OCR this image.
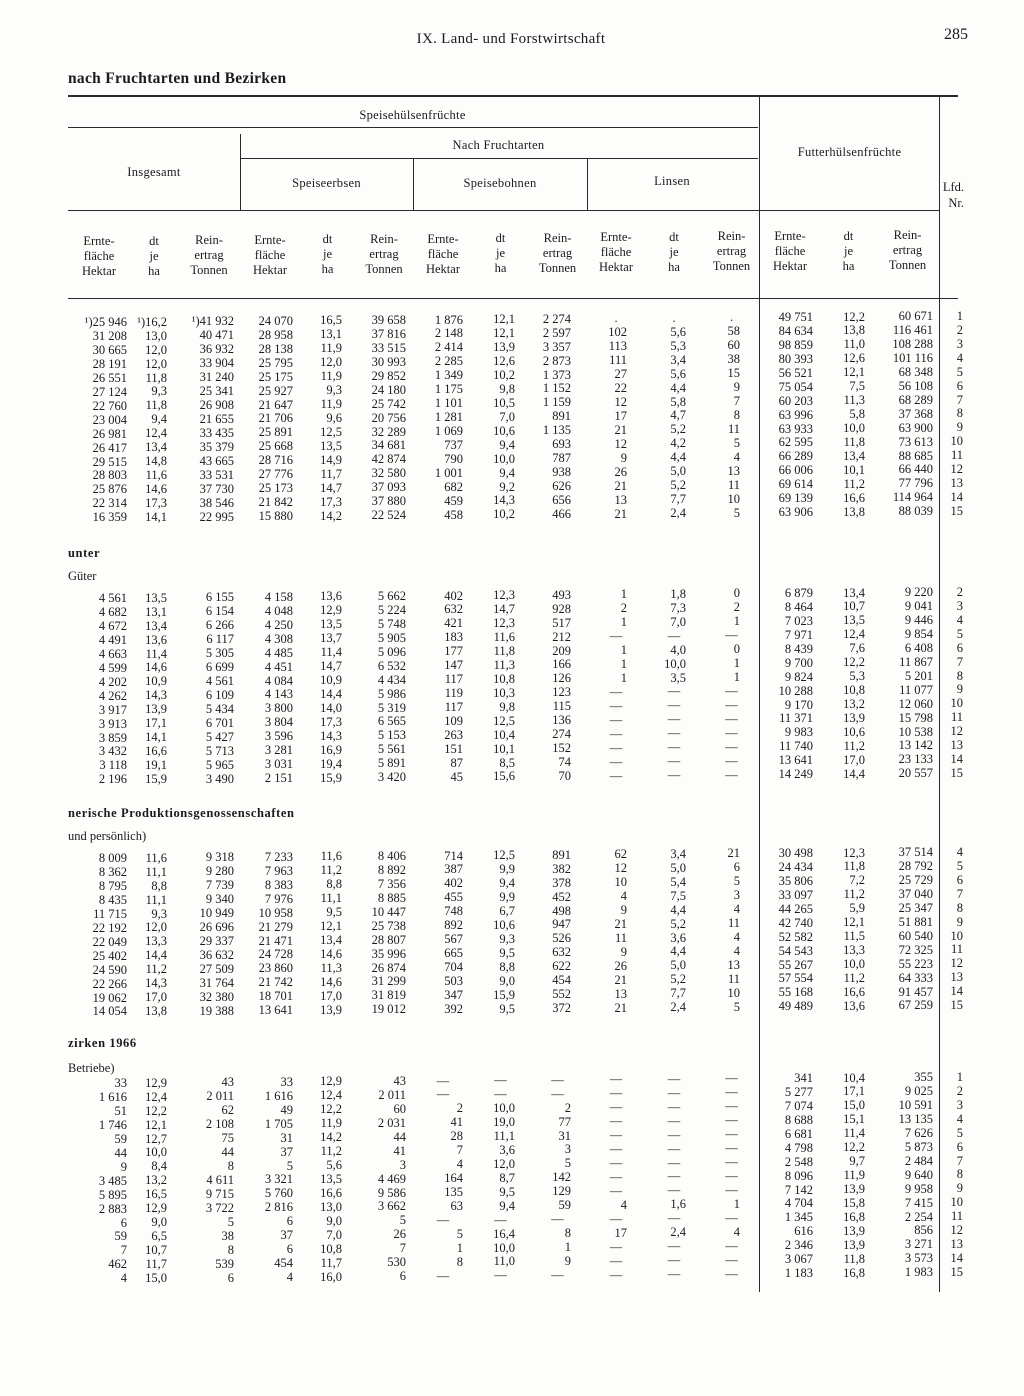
IX. Land- und Forstwirtschaft	285
nach Fruchtarten und Bezirken
Speisehülsenfrüchte
Insgesamt
Nach Fruchtarten
Speiseerbsen	Speisebohnen	Linsen
Futterhülsenfrüchte
Lfd.
Nr.
Ernte-
fläche
Hektar
dt
je
ha
Rein-
ertrag
Tonnen
Ernte-
fläche
Hektar
dt
je
ha
Rein-
ertrag
Tonnen
Ernte-
fläche
Hektar
dt
je
ha
Rein-
ertrag
Tonnen
Ernte-
fläche
Hektar
dt
je
ha
Rein-
ertrag
Tonnen
Ernte-
fläche
Hektar
dt
je
ha
Rein-
ertrag
Tonnen
¹)25 946 ¹)16,2	¹)41 932	24 070	16,5	39 658	1 876	12,1	2 274	.	.	.	49 751	12,2	60 671	1
31 208	13,0	40 471	28 958	13,1	37 816	2 148	12,1	2 597	102	5,6	58	84 634	13,8	116 461	2
30 665	12,0	36 932	28 138	11,9	33 515	2 414	13,9	3 357	113	5,3	60	98 859	11,0	108 288	3
28 191	12,0	33 904	25 795	12,0	30 993	2 285	12,6	2 873	111	3,4	38	80 393	12,6	101 116	4
26 551	11,8	31 240	25 175	11,9	29 852	1 349	10,2	1 373	27	5,6	15	56 521	12,1	68 348	5
27 124	9,3	25 341	25 927	9,3	24 180	1 175	9,8	1 152	22	4,4	9	75 054	7,5	56 108	6
22 760	11,8	26 908	21 647	11,9	25 742	1 101	10,5	1 159	12	5,8	7	60 203	11,3	68 289	7
23 004	9,4	21 655	21 706	9,6	20 756	1 281	7,0	891	17	4,7	8	63 996	5,8	37 368	8
26 981	12,4	33 435	25 891	12,5	32 289	1 069	10,6	1 135	21	5,2	11	63 933	10,0	63 900	9
26 417	13,4	35 379	25 668	13,5	34 681	737	9,4	693	12	4,2	5	62 595	11,8	73 613	10
29 515	14,8	43 665	28 716	14,9	42 874	790	10,0	787	9	4,4	4	66 289	13,4	88 685	11
28 803	11,6	33 531	27 776	11,7	32 580	1 001	9,4	938	26	5,0	13	66 006	10,1	66 440	12
25 876	14,6	37 730	25 173	14,7	37 093	682	9,2	626	21	5,2	11	69 614	11,2	77 796	13
22 314	17,3	38 546	21 842	17,3	37 880	459	14,3	656	13	7,7	10	69 139	16,6	114 964	14
16 359	14,1	22 995	15 880	14,2	22 524	458	10,2	466	21	2,4	5	63 906	13,8	88 039	15
unter
Güter
4 561	13,5	6 155	4 158	13,6	5 662	402	12,3	493	1	1,8	0	6 879	13,4	9 220	2
4 682	13,1	6 154	4 048	12,9	5 224	632	14,7	928	2	7,3	2	8 464	10,7	9 041	3
4 672	13,4	6 266	4 250	13,5	5 748	421	12,3	517	1	7,0	1	7 023	13,5	9 446	4
4 491	13,6	6 117	4 308	13,7	5 905	183	11,6	212	—	—	—	7 971	12,4	9 854	5
4 663	11,4	5 305	4 485	11,4	5 096	177	11,8	209	1	4,0	0	8 439	7,6	6 408	6
4 599	14,6	6 699	4 451	14,7	6 532	147	11,3	166	1	10,0	1	9 700	12,2	11 867	7
4 202	10,9	4 561	4 084	10,9	4 434	117	10,8	126	1	3,5	1	9 824	5,3	5 201	8
4 262	14,3	6 109	4 143	14,4	5 986	119	10,3	123	—	—	—	10 288	10,8	11 077	9
3 917	13,9	5 434	3 800	14,0	5 319	117	9,8	115	—	—	—	9 170	13,2	12 060	10
3 913	17,1	6 701	3 804	17,3	6 565	109	12,5	136	—	—	—	11 371	13,9	15 798	11
3 859	14,1	5 427	3 596	14,3	5 153	263	10,4	274	—	—	—	9 983	10,6	10 538	12
3 432	16,6	5 713	3 281	16,9	5 561	151	10,1	152	—	—	—	11 740	11,2	13 142	13
3 118	19,1	5 965	3 031	19,4	5 891	87	8,5	74	—	—	—	13 641	17,0	23 133	14
2 196	15,9	3 490	2 151	15,9	3 420	45	15,6	70	—	—	—	14 249	14,4	20 557	15
nerische Produktionsgenossenschaften
und persönlich)
8 009	11,6	9 318	7 233	11,6	8 406	714	12,5	891	62	3,4	21	30 498	12,3	37 514	4
8 362	11,1	9 280	7 963	11,2	8 892	387	9,9	382	12	5,0	6	24 434	11,8	28 792	5
8 795	8,8	7 739	8 383	8,8	7 356	402	9,4	378	10	5,4	5	35 806	7,2	25 729	6
8 435	11,1	9 340	7 976	11,1	8 885	455	9,9	452	4	7,5	3	33 097	11,2	37 040	7
11 715	9,3	10 949	10 958	9,5	10 447	748	6,7	498	9	4,4	4	44 265	5,9	25 347	8
22 192	12,0	26 696	21 279	12,1	25 738	892	10,6	947	21	5,2	11	42 740	12,1	51 881	9
22 049	13,3	29 337	21 471	13,4	28 807	567	9,3	526	11	3,6	4	52 582	11,5	60 540	10
25 402	14,4	36 632	24 728	14,6	35 996	665	9,5	632	9	4,4	4	54 543	13,3	72 325	11
24 590	11,2	27 509	23 860	11,3	26 874	704	8,8	622	26	5,0	13	55 267	10,0	55 223	12
22 266	14,3	31 764	21 742	14,6	31 299	503	9,0	454	21	5,2	11	57 554	11,2	64 333	13
19 062	17,0	32 380	18 701	17,0	31 819	347	15,9	552	13	7,7	10	55 168	16,6	91 457	14
14 054	13,8	19 388	13 641	13,9	19 012	392	9,5	372	21	2,4	5	49 489	13,6	67 259	15
zirken 1966
Betriebe)
33	12,9	43	33	12,9	43	—	—	—	—	—	—	341	10,4	355	1
1 616	12,4	2 011	1 616	12,4	2 011	—	—	—	—	—	—	5 277	17,1	9 025	2
51	12,2	62	49	12,2	60	2	10,0	2	—	—	—	7 074	15,0	10 591	3
1 746	12,1	2 108	1 705	11,9	2 031	41	19,0	77	—	—	—	8 688	15,1	13 135	4
59	12,7	75	31	14,2	44	28	11,1	31	—	—	—	6 681	11,4	7 626	5
44	10,0	44	37	11,2	41	7	3,6	3	—	—	—	4 798	12,2	5 873	6
9	8,4	8	5	5,6	3	4	12,0	5	—	—	—	2 548	9,7	2 484	7
3 485	13,2	4 611	3 321	13,5	4 469	164	8,7	142	—	—	—	8 096	11,9	9 640	8
5 895	16,5	9 715	5 760	16,6	9 586	135	9,5	129	—	—	—	7 142	13,9	9 958	9
2 883	12,9	3 722	2 816	13,0	3 662	63	9,4	59	4	1,6	1	4 704	15,8	7 415	10
6	9,0	5	6	9,0	5	—	—	—	—	—	—	1 345	16,8	2 254	11
59	6,5	38	37	7,0	26	5	16,4	8	17	2,4	4	616	13,9	856	12
7	10,7	8	6	10,8	7	1	10,0	1	—	—	—	2 346	13,9	3 271	13
462	11,7	539	454	11,7	530	8	11,0	9	—	—	—	3 067	11,8	3 573	14
4	15,0	6	4	16,0	6	—	—	—	—	—	—	1 183	16,8	1 983	15
